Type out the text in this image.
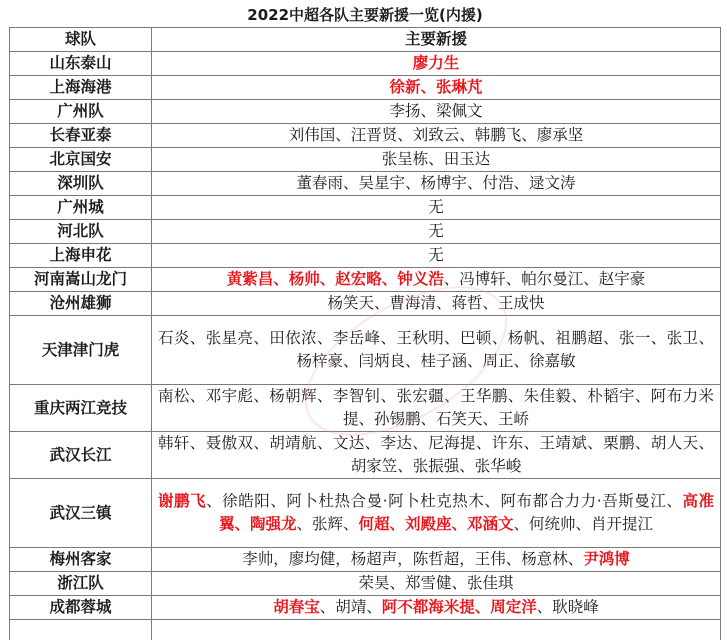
2022中超各队主要新援一览(内援)	
球队	主要新援
山东泰山	廖力生
上海海港	徐新、张琳芃
广州队	李扬、梁佩文
长春亚泰	刘伟国、汪晋贤、刘致云、韩鹏飞、廖承坚
北京国安	张呈栋、田玉达
深圳队	董春雨、吴星宇、杨博宇、付浩、逯文涛
广州城	无
河北队	无
上海申花	无
河南嵩山龙门	黄紫昌、杨帅、赵宏略、钟义浩、冯博轩、帕尔曼江、赵宇豪
沧州雄狮	杨笑天、曹海清、蒋哲、王成快
天津津门虎	石炎、张星亮、田依浓、李岳峰、王秋明、巴顿、杨帆、祖鹏超、张一、张卫、杨梓豪、闫炳良、桂子涵、周正、徐嘉敏
重庆两江竞技	南松、邓宇彪、杨朝辉、李智钊、张宏疆、王华鹏、朱佳毅、朴韬宇、阿布力米提、孙锡鹏、石笑天、王峤
武汉长江	韩轩、聂傲双、胡靖航、文达、李达、尼海提、许东、王靖斌、栗鹏、胡人天、胡家笠、张振强、张华峻
武汉三镇	谢鹏飞、徐皓阳、阿卜杜热合曼·阿卜杜克热木、阿布都合力力·吾斯曼江、高准翼、陶强龙、张辉、何超、刘殿座、邓涵文、何统帅、肖开提江
梅州客家	李帅，廖均健，杨超声，陈哲超，王伟、杨意林、尹鸿博
浙江队	荣昊、郑雪健、张佳琪
成都蓉城	胡春宝、胡靖、阿不都海米提、周定洋、耿晓峰
